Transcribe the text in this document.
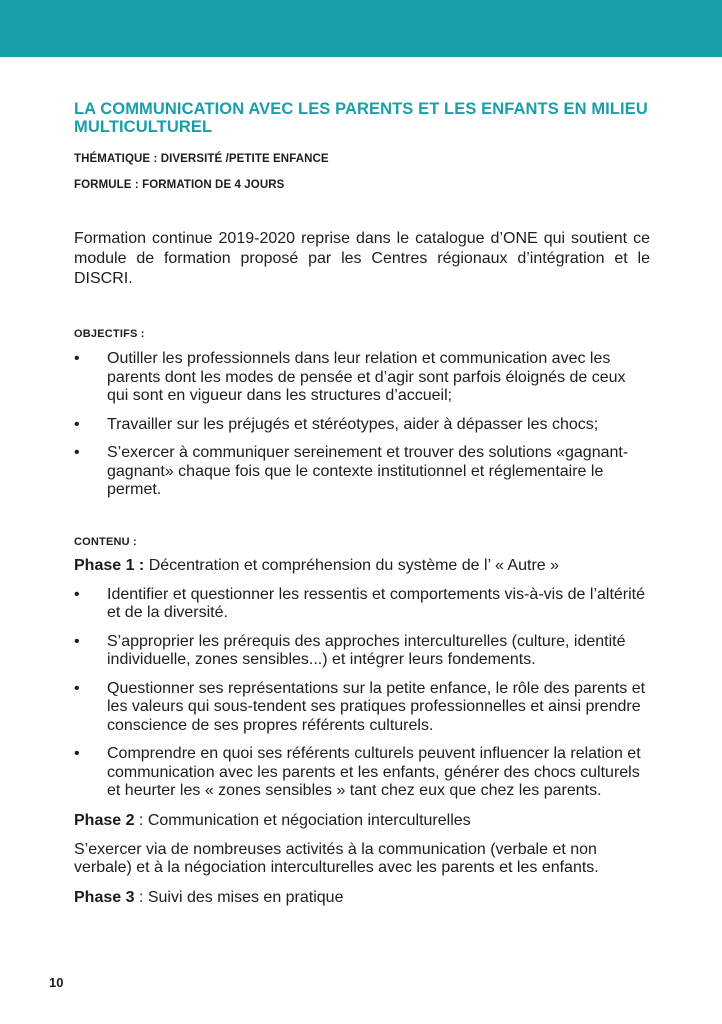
LA COMMUNICATION AVEC LES PARENTS ET LES ENFANTS EN MILIEU MULTICULTUREL

THÉMATIQUE : DIVERSITÉ /PETITE ENFANCE

FORMULE : FORMATION DE 4 JOURS

Formation continue 2019-2020 reprise dans le catalogue d’ONE qui soutient ce module de formation proposé par les Centres régionaux d’intégration et le DISCRI.

OBJECTIFS :

• Outiller les professionnels dans leur relation et communication avec les parents dont les modes de pensée et d’agir sont parfois éloignés de ceux qui sont en vigueur dans les structures d’accueil;
• Travailler sur les préjugés et stéréotypes, aider à dépasser les chocs;
• S’exercer à communiquer sereinement et trouver des solutions «gagnant-gagnant» chaque fois que le contexte institutionnel et réglementaire le permet.

CONTENU :

Phase 1 : Décentration et compréhension du système de l’ « Autre »

• Identifier et questionner les ressentis et comportements vis-à-vis de l’altérité et de la diversité.
• S’approprier les prérequis des approches interculturelles (culture, identité individuelle, zones sensibles...) et intégrer leurs fondements.
• Questionner ses représentations sur la petite enfance, le rôle des parents et les valeurs qui sous-tendent ses pratiques professionnelles et ainsi prendre conscience de ses propres référents culturels.
• Comprendre en quoi ses référents culturels peuvent influencer la relation et communication avec les parents et les enfants, générer des chocs culturels et heurter les « zones sensibles » tant chez eux que chez les parents.

Phase 2 : Communication et négociation interculturelles

S’exercer via de nombreuses activités à la communication (verbale et non verbale) et à la négociation interculturelles avec les parents et les enfants.

Phase 3 : Suivi des mises en pratique

10
